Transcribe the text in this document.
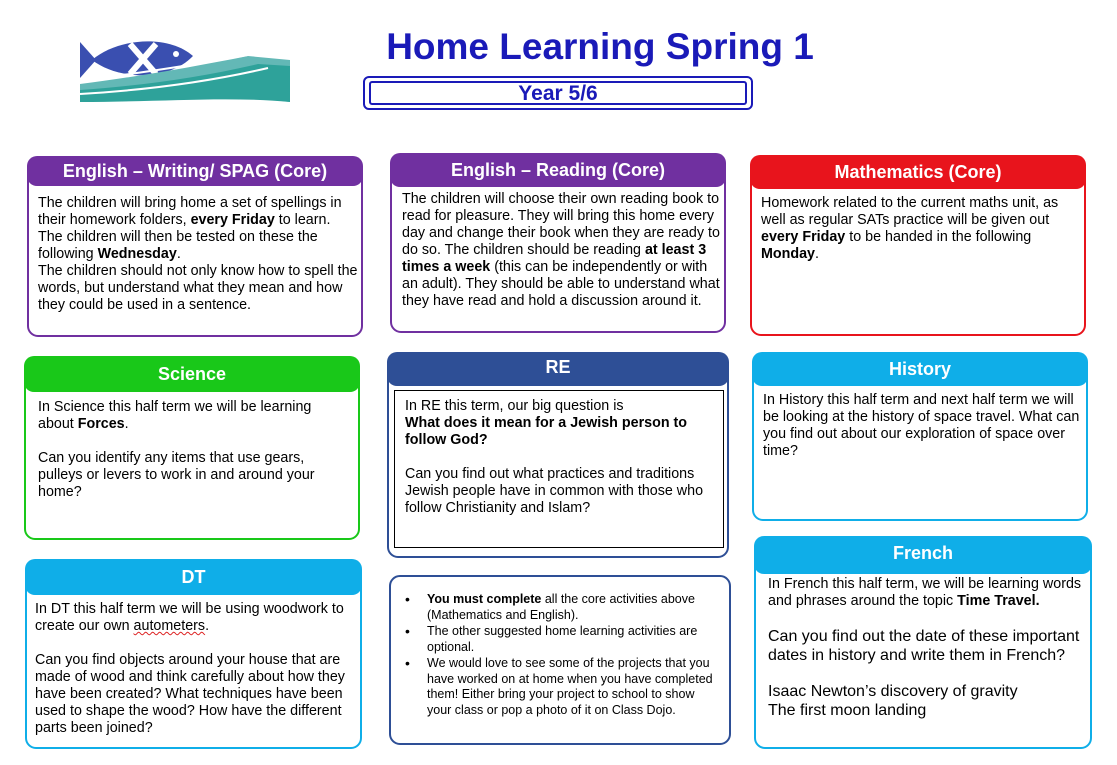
Home Learning Spring 1
Year 5/6
English – Writing/ SPAG (Core)

The children will bring home a set of spellings in their homework folders, every Friday to learn. The children will then be tested on these the following Wednesday.

The children should not only know how to spell the words, but understand what they mean and how they could be used in a sentence.

English – Reading (Core)

The children will choose their own reading book to read for pleasure. They will bring this home every day and change their book when they are ready to do so. The children should be reading at least 3 times a week (this can be independently or with an adult). They should be able to understand what they have read and hold a discussion around it.

Mathematics (Core)

Homework related to the current maths unit, as well as regular SATs practice will be given out every Friday to be handed in the following Monday.

Science

In Science this half term we will be learning about Forces.

Can you identify any items that use gears, pulleys or levers to work in and around your home?

RE

In RE this term, our big question is

What does it mean for a Jewish person to follow God?

Can you find out what practices and traditions Jewish people have in common with those who follow Christianity and Islam?

History

In History this half term and next half term we will be looking at the history of space travel. What can you find out about our exploration of space over time?

DT

In DT this half term we will be using woodwork to create our own autometers.

Can you find objects around your house that are made of wood and think carefully about how they have been created? What techniques have been used to shape the wood? How have the different parts been joined?

• You must complete all the core activities above (Mathematics and English).
• The other suggested home learning activities are optional.
• We would love to see some of the projects that you have worked on at home when you have completed them! Either bring your project to school to show your class or pop a photo of it on Class Dojo.
French

In French this half term, we will be learning words and phrases around the topic Time Travel.

Can you find out the date of these important dates in history and write them in French?

Isaac Newton’s discovery of gravity

The first moon landing
